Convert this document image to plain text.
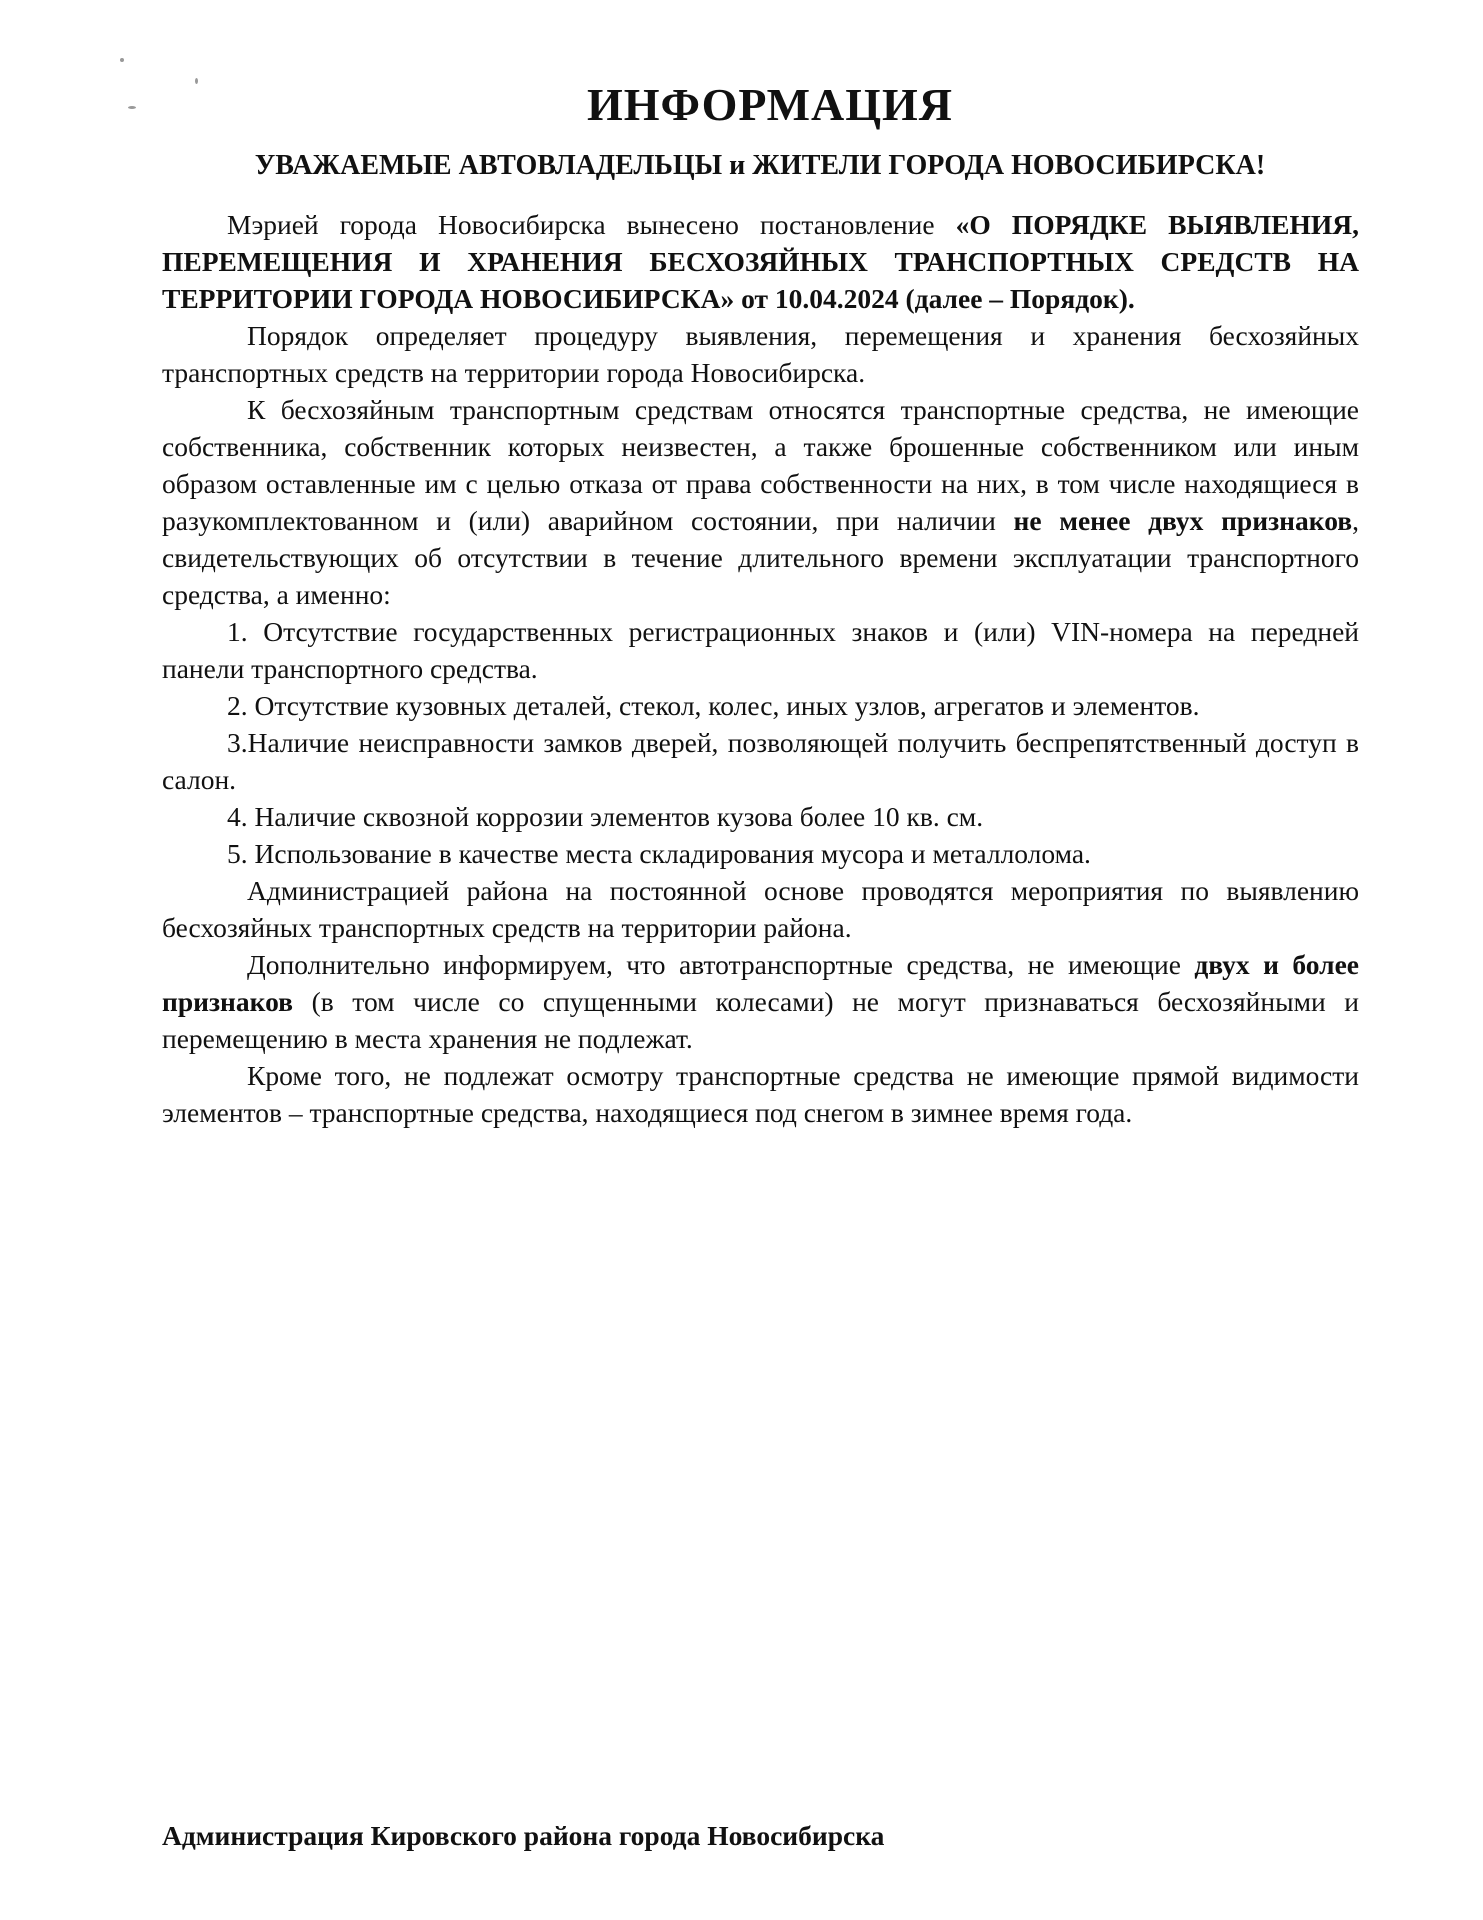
ИНФОРМАЦИЯ
УВАЖАЕМЫЕ АВТОВЛАДЕЛЬЦЫ и ЖИТЕЛИ ГОРОДА НОВОСИБИРСКА!

Мэрией города Новосибирска вынесено постановление «О ПОРЯДКЕ ВЫЯВЛЕНИЯ, ПЕРЕМЕЩЕНИЯ И ХРАНЕНИЯ БЕСХОЗЯЙНЫХ ТРАНСПОРТНЫХ СРЕДСТВ НА ТЕРРИТОРИИ ГОРОДА НОВОСИБИРСКА» от 10.04.2024 (далее – Порядок).

Порядок определяет процедуру выявления, перемещения и хранения бесхозяйных транспортных средств на территории города Новосибирска.

К бесхозяйным транспортным средствам относятся транспортные средства, не имеющие собственника, собственник которых неизвестен, а также брошенные собственником или иным образом оставленные им с целью отказа от права собственности на них, в том числе находящиеся в разукомплектованном и (или) аварийном состоянии, при наличии не менее двух признаков, свидетельствующих об отсутствии в течение длительного времени эксплуатации транспортного средства, а именно:

1. Отсутствие государственных регистрационных знаков и (или) VIN-номера на передней панели транспортного средства.

2. Отсутствие кузовных деталей, стекол, колес, иных узлов, агрегатов и элементов.

3.Наличие неисправности замков дверей, позволяющей получить беспрепятственный доступ в салон.

4. Наличие сквозной коррозии элементов кузова более 10 кв. см.

5. Использование в качестве места складирования мусора и металлолома.

Администрацией района на постоянной основе проводятся мероприятия по выявлению бесхозяйных транспортных средств на территории района.

Дополнительно информируем, что автотранспортные средства, не имеющие двух и более признаков (в том числе со спущенными колесами) не могут признаваться бесхозяйными и перемещению в места хранения не подлежат.

Кроме того, не подлежат осмотру транспортные средства не имеющие прямой видимости элементов – транспортные средства, находящиеся под снегом в зимнее время года.

Администрация Кировского района города Новосибирска
